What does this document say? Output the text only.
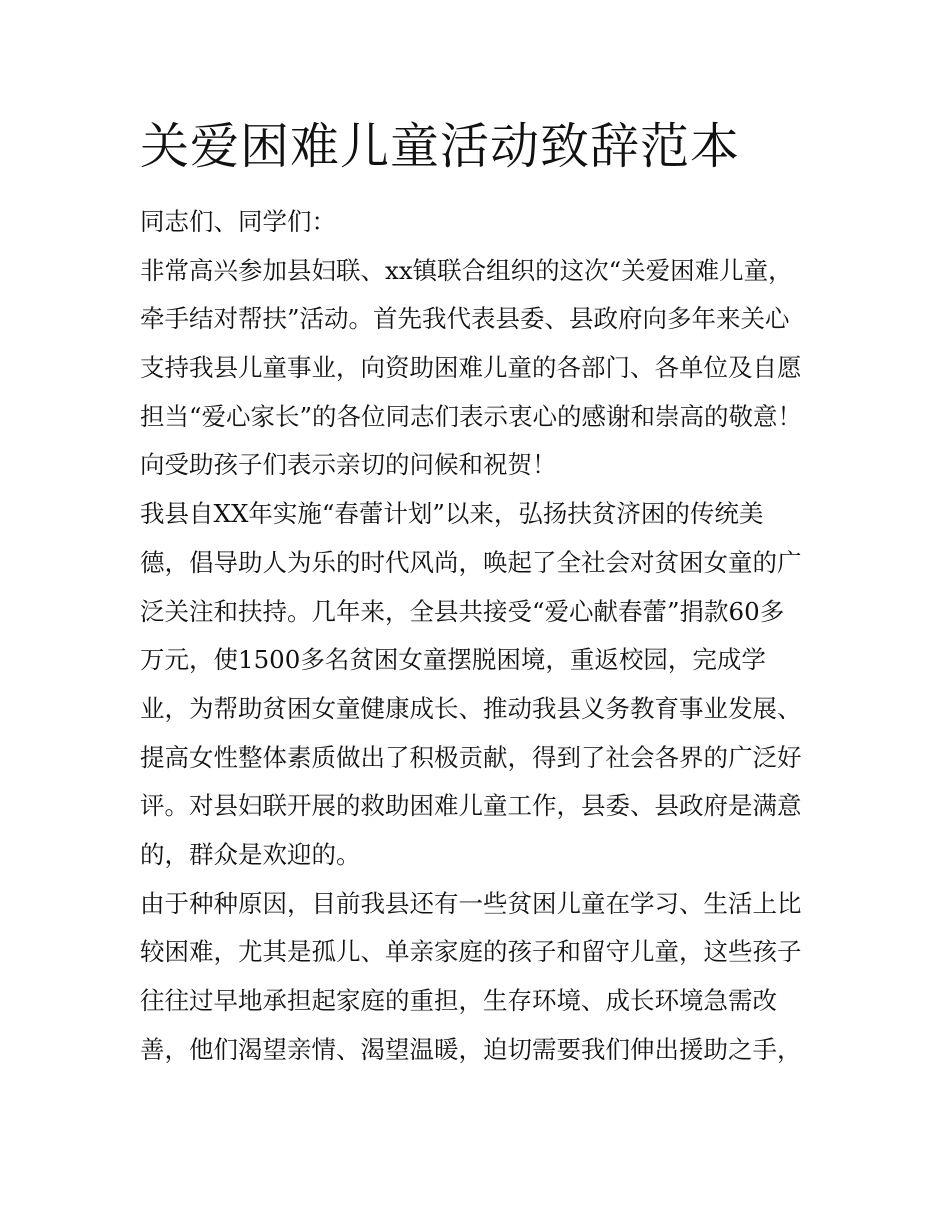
关爱困难儿童活动致辞范本

同志们、同学们：

非常高兴参加县妇联、xx镇联合组织的这次“关爱困难儿童，

牵手结对帮扶”活动。首先我代表县委、县政府向多年来关心

支持我县儿童事业，向资助困难儿童的各部门、各单位及自愿

担当“爱心家长”的各位同志们表示衷心的感谢和崇高的敬意！

向受助孩子们表示亲切的问候和祝贺！

我县自XX年实施“春蕾计划”以来，弘扬扶贫济困的传统美

德，倡导助人为乐的时代风尚，唤起了全社会对贫困女童的广

泛关注和扶持。几年来，全县共接受“爱心献春蕾”捐款60多

万元，使1500多名贫困女童摆脱困境，重返校园，完成学

业，为帮助贫困女童健康成长、推动我县义务教育事业发展、

提高女性整体素质做出了积极贡献，得到了社会各界的广泛好

评。对县妇联开展的救助困难儿童工作，县委、县政府是满意

的，群众是欢迎的。

由于种种原因，目前我县还有一些贫困儿童在学习、生活上比

较困难，尤其是孤儿、单亲家庭的孩子和留守儿童，这些孩子

往往过早地承担起家庭的重担，生存环境、成长环境急需改

善，他们渴望亲情、渴望温暖，迫切需要我们伸出援助之手，
